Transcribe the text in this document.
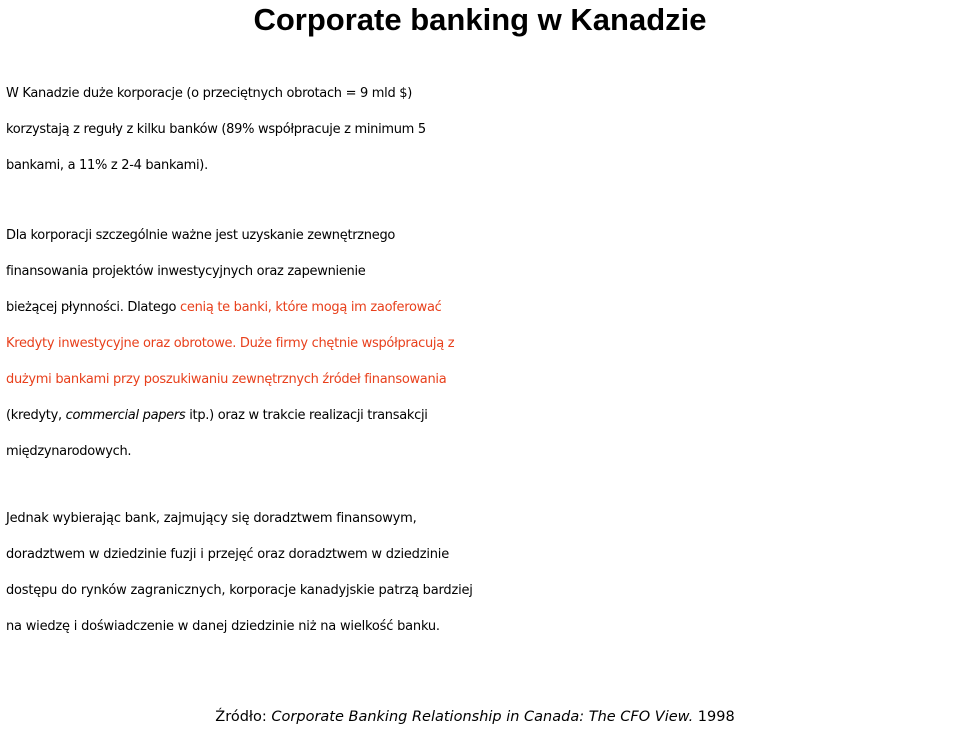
Corporate banking w Kanadzie
W Kanadzie duże korporacje (o przeciętnych obrotach = 9 mld $)
korzystają z reguły z kilku banków (89% współpracuje z minimum 5
bankami, a 11% z 2-4 bankami).
Dla korporacji szczególnie ważne jest uzyskanie zewnętrznego
finansowania projektów inwestycyjnych oraz zapewnienie
bieżącej płynności. Dlatego cenią te banki, które mogą im zaoferować
Kredyty inwestycyjne oraz obrotowe. Duże firmy chętnie współpracują z
dużymi bankami przy poszukiwaniu zewnętrznych źródeł finansowania
(kredyty, commercial papers itp.) oraz w trakcie realizacji transakcji
międzynarodowych.
Jednak wybierając bank, zajmujący się doradztwem finansowym,
doradztwem w dziedzinie fuzji i przejęć oraz doradztwem w dziedzinie
dostępu do rynków zagranicznych, korporacje kanadyjskie patrzą bardziej
na wiedzę i doświadczenie w danej dziedzinie niż na wielkość banku.
Źródło: Corporate Banking Relationship in Canada: The CFO View. 1998
